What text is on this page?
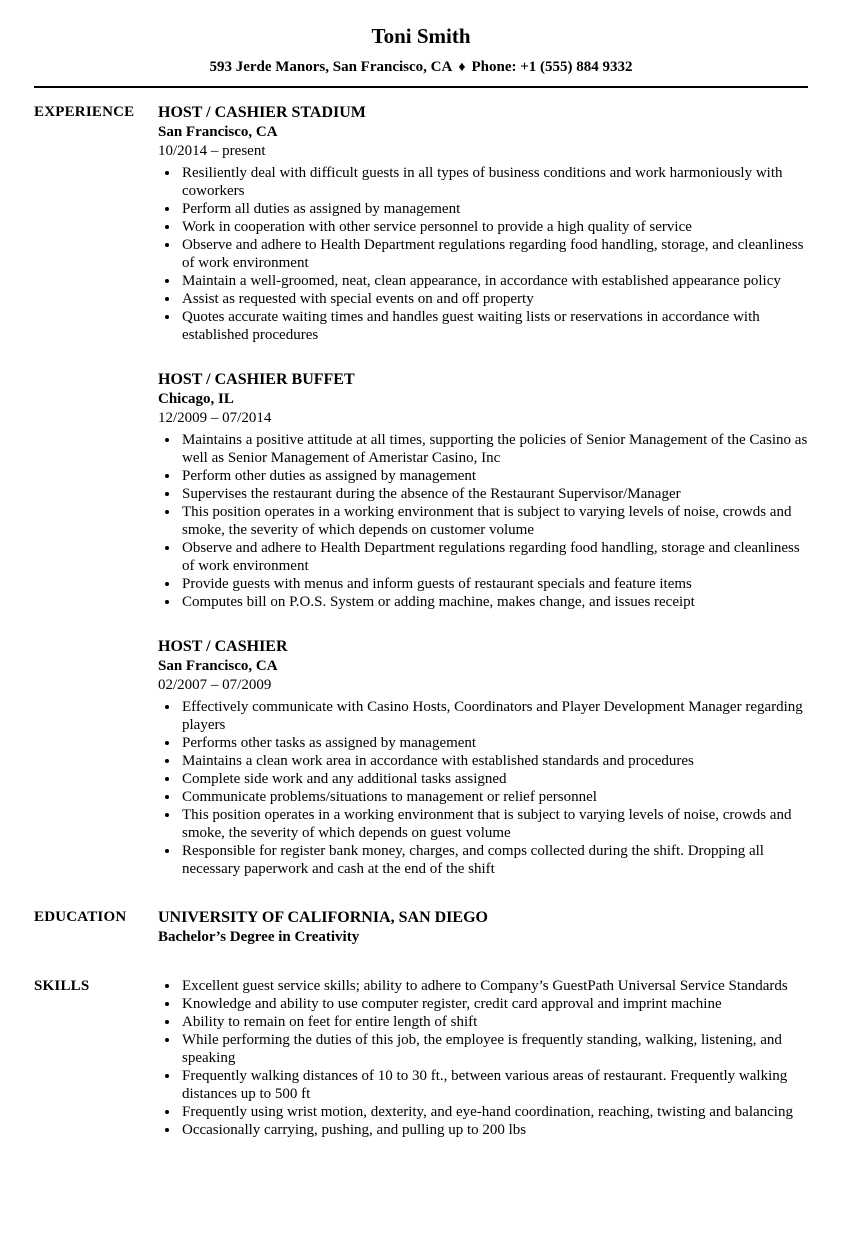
Toni Smith
593 Jerde Manors, San Francisco, CA ♦ Phone: +1 (555) 884 9332
EXPERIENCE	HOST / CASHIER STADIUM
San Francisco, CA
10/2014 – present
• Resiliently deal with difficult guests in all types of business conditions and work harmoniously with coworkers
• Perform all duties as assigned by management
• Work in cooperation with other service personnel to provide a high quality of service
• Observe and adhere to Health Department regulations regarding food handling, storage, and cleanliness of work environment
• Maintain a well-groomed, neat, clean appearance, in accordance with established appearance policy
• Assist as requested with special events on and off property
• Quotes accurate waiting times and handles guest waiting lists or reservations in accordance with established procedures
HOST / CASHIER BUFFET
Chicago, IL
12/2009 – 07/2014
• Maintains a positive attitude at all times, supporting the policies of Senior Management of the Casino as well as Senior Management of Ameristar Casino, Inc
• Perform other duties as assigned by management
• Supervises the restaurant during the absence of the Restaurant Supervisor/Manager
• This position operates in a working environment that is subject to varying levels of noise, crowds and smoke, the severity of which depends on customer volume
• Observe and adhere to Health Department regulations regarding food handling, storage and cleanliness of work environment
• Provide guests with menus and inform guests of restaurant specials and feature items
• Computes bill on P.O.S. System or adding machine, makes change, and issues receipt
HOST / CASHIER
San Francisco, CA
02/2007 – 07/2009
• Effectively communicate with Casino Hosts, Coordinators and Player Development Manager regarding players
• Performs other tasks as assigned by management
• Maintains a clean work area in accordance with established standards and procedures
• Complete side work and any additional tasks assigned
• Communicate problems/situations to management or relief personnel
• This position operates in a working environment that is subject to varying levels of noise, crowds and smoke, the severity of which depends on guest volume
• Responsible for register bank money, charges, and comps collected during the shift. Dropping all necessary paperwork and cash at the end of the shift
EDUCATION	UNIVERSITY OF CALIFORNIA, SAN DIEGO
Bachelor’s Degree in Creativity
SKILLS	• Excellent guest service skills; ability to adhere to Company’s GuestPath Universal Service Standards
• Knowledge and ability to use computer register, credit card approval and imprint machine
• Ability to remain on feet for entire length of shift
• While performing the duties of this job, the employee is frequently standing, walking, listening, and speaking
• Frequently walking distances of 10 to 30 ft., between various areas of restaurant. Frequently walking distances up to 500 ft
• Frequently using wrist motion, dexterity, and eye-hand coordination, reaching, twisting and balancing
• Occasionally carrying, pushing, and pulling up to 200 lbs
